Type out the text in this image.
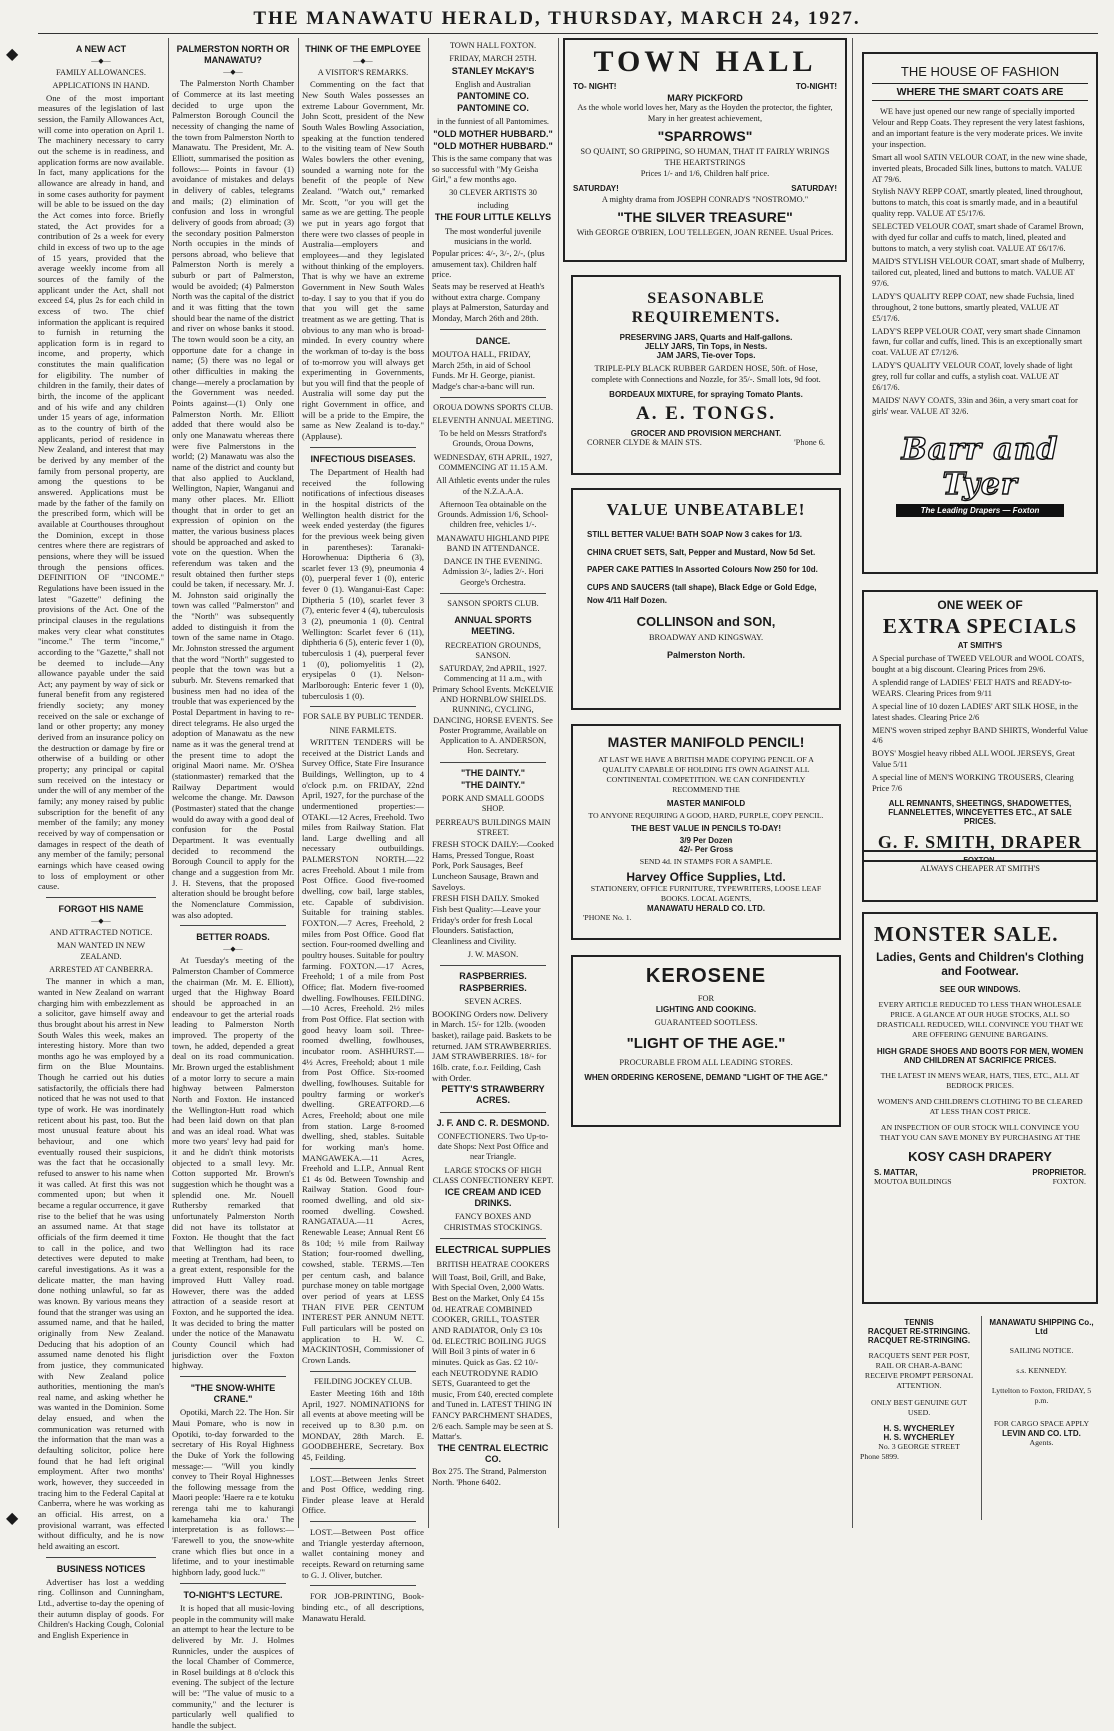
THE MANAWATU HERALD, THURSDAY, MARCH 24, 1927.
◆
◆
A NEW ACT
—◆—

FAMILY ALLOWANCES.

APPLICATIONS IN HAND.

One of the most important measures of the legislation of last session, the Family Allowances Act, will come into operation on April 1. The machinery necessary to carry out the scheme is in readiness, and application forms are now available. In fact, many applications for the allowance are already in hand, and in some cases authority for payment will be able to be issued on the day the Act comes into force. Briefly stated, the Act provides for a contribution of 2s a week for every child in excess of two up to the age of 15 years, provided that the average weekly income from all sources of the family of the applicant under the Act, shall not exceed £4, plus 2s for each child in excess of two. The chief information the applicant is required to furnish in returning the application form is in regard to income, and property, which constitutes the main qualification for eligibility. The number of children in the family, their dates of birth, the income of the applicant and of his wife and any children under 15 years of age, information as to the country of birth of the applicants, period of residence in New Zealand, and interest that may be derived by any member of the family from personal property, are among the questions to be answered. Applications must be made by the father of the family on the prescribed form, which will be available at Courthouses throughout the Dominion, except in those centres where there are registrars of pensions, where they will be issued through the pensions offices. DEFINITION OF "INCOME." Regulations have been issued in the latest "Gazette" defining the provisions of the Act. One of the principal clauses in the regulations makes very clear what constitutes "income." The term "income," according to the "Gazette," shall not be deemed to include—Any allowance payable under the said Act; any payment by way of sick or funeral benefit from any registered friendly society; any money received on the sale or exchange of land or other property; any money derived from an insurance policy on the destruction or damage by fire or otherwise of a building or other property; any principal or capital sum received on the intestacy or under the will of any member of the family; any money raised by public subscription for the benefit of any member of the family; any money received by way of compensation or damages in respect of the death of any member of the family; personal earnings which have ceased owing to loss of employment or other cause.

FORGOT HIS NAME
—◆—

AND ATTRACTED NOTICE.

MAN WANTED IN NEW ZEALAND.

ARRESTED AT CANBERRA.

The manner in which a man, wanted in New Zealand on warrant charging him with embezzlement as a solicitor, gave himself away and thus brought about his arrest in New South Wales this week, makes an interesting history. More than two months ago he was employed by a firm on the Blue Mountains. Though he carried out his duties satisfactorily, the officials there had noticed that he was not used to that type of work. He was inordinately reticent about his past, too. But the most unusual feature about his behaviour, and one which eventually roused their suspicions, was the fact that he occasionally refused to answer to his name when it was called. At first this was not commented upon; but when it became a regular occurrence, it gave rise to the belief that he was using an assumed name. At that stage officials of the firm deemed it time to call in the police, and two detectives were deputed to make careful investigations. As it was a delicate matter, the man having done nothing unlawful, so far as was known. By various means they found that the stranger was using an assumed name, and that he hailed, originally from New Zealand. Deducing that his adoption of an assumed name denoted his flight from justice, they communicated with New Zealand police authorities, mentioning the man's real name, and asking whether he was wanted in the Dominion. Some delay ensued, and when the communication was returned with the information that the man was a defaulting solicitor, police here found that he had left original employment. After two months' work, however, they succeeded in tracing him to the Federal Capital at Canberra, where he was working as an official. His arrest, on a provisional warrant, was effected without difficulty, and he is now held awaiting an escort.

BUSINESS NOTICES

Advertiser has lost a wedding ring. Collinson and Cunningham, Ltd., advertise to-day the opening of their autumn display of goods. For Children's Hacking Cough, Colonial and English Experience in

PALMERSTON NORTH OR MANAWATU?
—◆—

The Palmerston North Chamber of Commerce at its last meeting decided to urge upon the Palmerston Borough Council the necessity of changing the name of the town from Palmerston North to Manawatu. The President, Mr. A. Elliott, summarised the position as follows:— Points in favour (1) avoidance of mistakes and delays in delivery of cables, telegrams and mails; (2) elimination of confusion and loss in wrongful delivery of goods from abroad; (3) the secondary position Palmerston North occupies in the minds of persons abroad, who believe that Palmerston North is merely a suburb or part of Palmerston, would be avoided; (4) Palmerston North was the capital of the district and it was fitting that the town should bear the name of the district and river on whose banks it stood. The town would soon be a city, an opportune date for a change in name; (5) there was no legal or other difficulties in making the change—merely a proclamation by the Government was needed. Points against—(1) Only one Palmerston North. Mr. Elliott added that there would also be only one Manawatu whereas there were five Palmerstons in the world; (2) Manawatu was also the name of the district and county but that also applied to Auckland, Wellington, Napier, Wanganui and many other places. Mr. Elliott thought that in order to get an expression of opinion on the matter, the various business places should be approached and asked to vote on the question. When the referendum was taken and the result obtained then further steps could be taken, if necessary. Mr. J. M. Johnston said originally the town was called "Palmerston" and the "North" was subsequently added to distinguish it from the town of the same name in Otago. Mr. Johnston stressed the argument that the word "North" suggested to people that the town was but a suburb. Mr. Stevens remarked that business men had no idea of the trouble that was experienced by the Postal Department in having to re-direct telegrams. He also urged the adoption of Manawatu as the new name as it was the general trend at the present time to adopt the original Maori name. Mr. O'Shea (stationmaster) remarked that the Railway Department would welcome the change. Mr. Dawson (Postmaster) stated that the change would do away with a good deal of confusion for the Postal Department. It was eventually decided to recommend the Borough Council to apply for the change and a suggestion from Mr. J. H. Stevens, that the proposed alteration should be brought before the Nomenclature Commission, was also adopted.

BETTER ROADS.
—◆—

At Tuesday's meeting of the Palmerston Chamber of Commerce the chairman (Mr. M. E. Elliott), urged that the Highway Board should be approached in an endeavour to get the arterial roads leading to Palmerston North improved. The property of the town, he added, depended a great deal on its road communication. Mr. Brown urged the establishment of a motor lorry to secure a main highway between Palmerston North and Foxton. He instanced the Wellington-Hutt road which had been laid down on that plan and was an ideal road. What was more two years' levy had paid for it and he didn't think motorists objected to a small levy. Mr. Cotton supported Mr. Brown's suggestion which he thought was a splendid one. Mr. Nouell Ruthersby remarked that unfortunately Palmerston North did not have its tollstator at Foxton. He thought that the fact that Wellington had its race meeting at Trentham, had been, to a great extent, responsible for the improved Hutt Valley road. However, there was the added attraction of a seaside resort at Foxton, and he supported the idea. It was decided to bring the matter under the notice of the Manawatu County Council which had jurisdiction over the Foxton highway.

"THE SNOW-WHITE CRANE."

Opotiki, March 22. The Hon. Sir Maui Pomare, who is now in Opotiki, to-day forwarded to the secretary of His Royal Highness the Duke of York the following message:— "Will you kindly convey to Their Royal Highnesses the following message from the Maori people: 'Haere ra e te kotuku rerenga tahi me to kahurangi kamehameha kia ora.' The interpretation is as follows:— 'Farewell to you, the snow-white crane which flies but once in a lifetime, and to your inestimable highborn lady, good luck.'"

TO-NIGHT'S LECTURE.

It is hoped that all music-loving people in the community will make an attempt to hear the lecture to be delivered by Mr. J. Holmes Runnicles, under the auspices of the local Chamber of Commerce, in Rosel buildings at 8 o'clock this evening. The subject of the lecture will be: "The value of music to a community," and the lecturer is particularly well qualified to handle the subject.

THINK OF THE EMPLOYEE
—◆—

A VISITOR'S REMARKS.

Commenting on the fact that New South Wales possesses an extreme Labour Government, Mr. John Scott, president of the New South Wales Bowling Association, speaking at the function tendered to the visiting team of New South Wales bowlers the other evening, sounded a warning note for the benefit of the people of New Zealand. "Watch out," remarked Mr. Scott, "or you will get the same as we are getting. The people we put in years ago forgot that there were two classes of people in Australia—employers and employees—and they legislated without thinking of the employers. That is why we have an extreme Government in New South Wales to-day. I say to you that if you do that you will get the same treatment as we are getting. That is obvious to any man who is broad-minded. In every country where the workman of to-day is the boss of to-morrow you will always get experimenting in Governments, but you will find that the people of Australia will some day put the right Government in office, and will be a pride to the Empire, the same as New Zealand is to-day." (Applause).

INFECTIOUS DISEASES.

The Department of Health had received the following notifications of infectious diseases in the hospital districts of the Wellington health district for the week ended yesterday (the figures for the previous week being given in parentheses): Taranaki-Horowhenua: Diptheria 6 (3), scarlet fever 13 (9), pneumonia 4 (0), puerperal fever 1 (0), enteric fever 0 (1). Wanganui-East Cape: Diptheria 5 (10), scarlet fever 3 (7), enteric fever 4 (4), tuberculosis 3 (2), pneumonia 1 (0). Central Wellington: Scarlet fever 6 (11), diphtheria 6 (5), enteric fever 1 (0), tuberculosis 1 (4), puerperal fever 1 (0), poliomyelitis 1 (2), erysipelas 0 (1). Nelson-Marlborough: Enteric fever 1 (0), tuberculosis 1 (0).

FOR SALE BY PUBLIC TENDER.

NINE FARMLETS.

WRITTEN TENDERS will be received at the District Lands and Survey Office, State Fire Insurance Buildings, Wellington, up to 4 o'clock p.m. on FRIDAY, 22nd April, 1927, for the purchase of the undermentioned properties:— OTAKI.—12 Acres, Freehold. Two miles from Railway Station. Flat land. Large dwelling and all necessary outbuildings. PALMERSTON NORTH.—22 acres Freehold. About 1 mile from Post Office. Good five-roomed dwelling, cow bail, large stables, etc. Capable of subdivision. Suitable for training stables. FOXTON.—7 Acres, Freehold, 2 miles from Post Office. Good flat section. Four-roomed dwelling and poultry houses. Suitable for poultry farming. FOXTON.—17 Acres, Freehold; 1 of a mile from Post Office; flat. Modern five-roomed dwelling. Fowlhouses. FEILDING.—10 Acres, Freehold. 2½ miles from Post Office. Flat section with good heavy loam soil. Three-roomed dwelling, fowlhouses, incubator room. ASHHURST.—4½ Acres, Freehold; about 1 mile from Post Office. Six-roomed dwelling, fowlhouses. Suitable for poultry farming or worker's dwelling. GREATFORD.—6 Acres, Freehold; about one mile from station. Large 8-roomed dwelling, shed, stables. Suitable for working man's home. MANGAWEKA.—11 Acres, Freehold and L.I.P., Annual Rent £1 4s 0d. Between Township and Railway Station. Good four-roomed dwelling, and old six-roomed dwelling. Cowshed. RANGATAUA.—11 Acres, Renewable Lease; Annual Rent £6 8s 10d; ½ mile from Railway Station; four-roomed dwelling, cowshed, stable. TERMS.—Ten per centum cash, and balance purchase money on table mortgage over period of years at LESS THAN FIVE PER CENTUM INTEREST PER ANNUM NETT. Full particulars will be posted on application to H. W. C. MACKINTOSH, Commissioner of Crown Lands.

FEILDING JOCKEY CLUB.

Easter Meeting 16th and 18th April, 1927. NOMINATIONS for all events at above meeting will be received up to 8.30 p.m. on MONDAY, 28th March. E. GOODBEHERE, Secretary. Box 45, Feilding.

LOST.—Between Jenks Street and Post Office, wedding ring. Finder please leave at Herald Office.

LOST.—Between Post office and Triangle yesterday afternoon, wallet containing money and receipts. Reward on returning same to G. J. Oliver, butcher.

FOR JOB-PRINTING, Book-binding etc., of all descriptions, Manawatu Herald.

TOWN HALL FOXTON.

FRIDAY, MARCH 25TH.

STANLEY McKAY'S

English and Australian

PANTOMINE CO.
PANTOMINE CO.

in the funniest of all Pantomimes.

"OLD MOTHER HUBBARD."
"OLD MOTHER HUBBARD."

This is the same company that was so successful with "My Geisha Girl," a few months ago.

30 CLEVER ARTISTS 30

including

THE FOUR LITTLE KELLYS

The most wonderful juvenile musicians in the world.

Popular prices: 4/-, 3/-, 2/-, (plus amusement tax). Children half price.

Seats may be reserved at Heath's without extra charge. Company plays at Palmerston, Saturday and Monday, March 26th and 28th.

DANCE.

MOUTOA HALL, FRIDAY, March 25th, in aid of School Funds. Mr H. George, pianist. Madge's char-a-banc will run.

OROUA DOWNS SPORTS CLUB.

ELEVENTH ANNUAL MEETING.

To be held on Messrs Stratford's Grounds, Oroua Downs,

WEDNESDAY, 6TH APRIL, 1927, COMMENCING AT 11.15 A.M.

All Athletic events under the rules of the N.Z.A.A.A.

Afternoon Tea obtainable on the Grounds. Admission 1/6, School-children free, vehicles 1/-.

MANAWATU HIGHLAND PIPE BAND IN ATTENDANCE.

DANCE IN THE EVENING. Admission 3/-, ladies 2/-. Hori George's Orchestra.

SANSON SPORTS CLUB.

ANNUAL SPORTS MEETING.

RECREATION GROUNDS, SANSON.

SATURDAY, 2nd APRIL, 1927. Commencing at 11 a.m., with Primary School Events. McKELVIE AND HORNBLOW SHIELDS. RUNNING, CYCLING, DANCING, HORSE EVENTS. See Poster Programme, Available on Application to A. ANDERSON, Hon. Secretary.

"THE DAINTY."
"THE DAINTY."

PORK AND SMALL GOODS SHOP.

PERREAU'S BUILDINGS MAIN STREET.

FRESH STOCK DAILY:—Cooked Hams, Pressed Tongue, Roast Pork, Pork Sausages, Beef Luncheon Sausage, Brawn and Saveloys.

FRESH FISH DAILY. Smoked Fish best Quality:—Leave your Friday's order for fresh Local Flounders. Satisfaction, Cleanliness and Civility.

J. W. MASON.

RASPBERRIES.
RASPBERRIES.

SEVEN ACRES.

BOOKING Orders now. Delivery in March. 15/- for 12lb. (wooden basket), railage paid. Baskets to be returned. JAM STRAWBERRIES. JAM STRAWBERRIES. 18/- for 16lb. crate, f.o.r. Feilding, Cash with Order.

PETTY'S STRAWBERRY ACRES.
J. F. AND C. R. DESMOND.

CONFECTIONERS. Two Up-to-date Shops: Next Post Office and near Triangle.

LARGE STOCKS OF HIGH CLASS CONFECTIONERY KEPT.

ICE CREAM AND ICED DRINKS.

FANCY BOXES AND CHRISTMAS STOCKINGS.

ELECTRICAL SUPPLIES

BRITISH HEATRAE COOKERS

Will Toast, Boil, Grill, and Bake, With Special Oven, 2,000 Watts. Best on the Market, Only £4 15s 0d. HEATRAE COMBINED COOKER, GRILL, TOASTER AND RADIATOR, Only £3 10s 0d. ELECTRIC BOILING JUGS Will Boil 3 pints of water in 6 minutes. Quick as Gas. £2 10/- each NEUTRODYNE RADIO SETS, Guaranteed to get the music, From £40, erected complete and Tuned in. LATEST THING IN FANCY PARCHMENT SHADES, 2/6 each. Sample may be seen at S. Mattar's.

THE CENTRAL ELECTRIC CO.

Box 275. The Strand, Palmerston North. 'Phone 6402.

TOWN HALL
TO- NIGHT!	TO-NIGHT!
MARY PICKFORD
As the whole world loves her, Mary as the Hoyden the protector, the fighter, Mary in her greatest achievement,
"SPARROWS"
SO QUAINT, SO GRIPPING, SO HUMAN, THAT IT FAIRLY WRINGS THE HEARTSTRINGS
Prices 1/- and 1/6, Children half price.
SATURDAY!	SATURDAY!
A mighty drama from JOSEPH CONRAD'S "NOSTROMO."
"THE SILVER TREASURE"
With GEORGE O'BRIEN, LOU TELLEGEN, JOAN RENEE. Usual Prices.
SEASONABLE REQUIREMENTS.
PRESERVING JARS, Quarts and Half-gallons.
JELLY JARS, Tin Tops, in Nests.
JAM JARS, Tie-over Tops.
TRIPLE-PLY BLACK RUBBER GARDEN HOSE, 50ft. of Hose, complete with Connections and Nozzle, for 35/-. Small lots, 9d foot.
BORDEAUX MIXTURE, for spraying Tomato Plants.
A. E. TONGS.
GROCER AND PROVISION MERCHANT.
CORNER CLYDE & MAIN STS.	'Phone 6.
VALUE UNBEATABLE!
STILL BETTER VALUE! BATH SOAP Now 3 cakes for 1/3.
CHINA CRUET SETS, Salt, Pepper and Mustard, Now 5d Set.
PAPER CAKE PATTIES In Assorted Colours Now 250 for 10d.
CUPS AND SAUCERS (tall shape), Black Edge or Gold Edge, Now 4/11 Half Dozen.
COLLINSON and SON,
BROADWAY AND KINGSWAY.
Palmerston North.
MASTER MANIFOLD PENCIL!
AT LAST WE HAVE A BRITISH MADE COPYING PENCIL OF A QUALITY CAPABLE OF HOLDING ITS OWN AGAINST ALL CONTINENTAL COMPETITION. WE CAN CONFIDENTLY RECOMMEND THE
MASTER MANIFOLD
TO ANYONE REQUIRING A GOOD, HARD, PURPLE, COPY PENCIL.
THE BEST VALUE IN PENCILS TO-DAY!
3/9 Per Dozen
42/- Per Gross
SEND 4d. IN STAMPS FOR A SAMPLE.
Harvey Office Supplies, Ltd.
STATIONERY, OFFICE FURNITURE, TYPEWRITERS, LOOSE LEAF BOOKS. LOCAL AGENTS,
MANAWATU HERALD CO. LTD.
'PHONE No. 1.
KEROSENE
FOR
LIGHTING AND COOKING.
GUARANTEED SOOTLESS.
"LIGHT OF THE AGE."
PROCURABLE FROM ALL LEADING STORES.
WHEN ORDERING KEROSENE, DEMAND "LIGHT OF THE AGE."
THE HOUSE OF FASHION
WHERE THE SMART COATS ARE
WE have just opened our new range of specially imported Velour and Repp Coats. They represent the very latest fashions, and an important feature is the very moderate prices. We invite your inspection.
Smart all wool SATIN VELOUR COAT, in the new wine shade, inverted pleats, Brocaded Silk lines, buttons to match. VALUE AT 79/6.
Stylish NAVY REPP COAT, smartly pleated, lined throughout, buttons to match, this coat is smartly made, and in a beautiful quality repp. VALUE AT £5/17/6.
SELECTED VELOUR COAT, smart shade of Caramel Brown, with dyed fur collar and cuffs to match, lined, pleated and buttons to match, a very stylish coat. VALUE AT £6/17/6.
MAID'S STYLISH VELOUR COAT, smart shade of Mulberry, tailored cut, pleated, lined and buttons to match. VALUE AT 97/6.
LADY'S QUALITY REPP COAT, new shade Fuchsia, lined throughout, 2 tone buttons, smartly pleated, VALUE AT £5/17/6.
LADY'S REPP VELOUR COAT, very smart shade Cinnamon fawn, fur collar and cuffs, lined. This is an exceptionally smart coat. VALUE AT £7/12/6.
LADY'S QUALITY VELOUR COAT, lovely shade of light grey, roll fur collar and cuffs, a stylish coat. VALUE AT £6/17/6.
MAIDS' NAVY COATS, 33in and 36in, a very smart coat for girls' wear. VALUE AT 32/6.
Barr and Tyer
The Leading Drapers — Foxton
ONE WEEK OF
EXTRA SPECIALS
AT SMITH'S
A Special purchase of TWEED VELOUR and WOOL COATS, bought at a big discount. Clearing Prices from 29/6.
A splendid range of LADIES' FELT HATS and READY-to-WEARS. Clearing Prices from 9/11
A special line of 10 dozen LADIES' ART SILK HOSE, in the latest shades. Clearing Price 2/6
MEN'S woven striped zephyr BAND SHIRTS, Wonderful Value 4/6
BOYS' Mosgiel heavy ribbed ALL WOOL JERSEYS, Great Value 5/11
A special line of MEN'S WORKING TROUSERS, Clearing Price 7/6
ALL REMNANTS, SHEETINGS, SHADOWETTES, FLANNELETTES, WINCEYETTES ETC., AT SALE PRICES.
G. F. SMITH, DRAPER
FOXTON.
ALWAYS CHEAPER AT SMITH'S
MONSTER SALE.
Ladies, Gents and Children's Clothing and Footwear.
SEE OUR WINDOWS.
EVERY ARTICLE REDUCED TO LESS THAN WHOLESALE PRICE. A GLANCE AT OUR HUGE STOCKS, ALL SO DRASTICALL REDUCED, WILL CONVINCE YOU THAT WE ARE OFFERING GENUINE BARGAINS.
HIGH GRADE SHOES AND BOOTS FOR MEN, WOMEN AND CHILDREN AT SACRIFICE PRICES.
THE LATEST IN MEN'S WEAR, HATS, TIES, ETC., ALL AT BEDROCK PRICES.
WOMEN'S AND CHILDREN'S CLOTHING TO BE CLEARED AT LESS THAN COST PRICE.
AN INSPECTION OF OUR STOCK WILL CONVINCE YOU THAT YOU CAN SAVE MONEY BY PURCHASING AT THE
KOSY CASH DRAPERY
S. MATTAR,	PROPRIETOR.
MOUTOA BUILDINGS	FOXTON.
TENNIS
RACQUET RE-STRINGING.
RACQUET RE-STRINGING.
RACQUETS SENT PER POST, RAIL OR CHAR-A-BANC RECEIVE PROMPT PERSONAL ATTENTION.
ONLY BEST GENUINE GUT USED.
H. S. WYCHERLEY
H. S. WYCHERLEY
No. 3 GEORGE STREET
Phone 5899.
MANAWATU SHIPPING Co., Ltd
SAILING NOTICE.
s.s. KENNEDY.
Lyttelton to Foxton, FRIDAY, 5 p.m.
FOR CARGO SPACE APPLY
LEVIN AND CO. LTD.
Agents.
